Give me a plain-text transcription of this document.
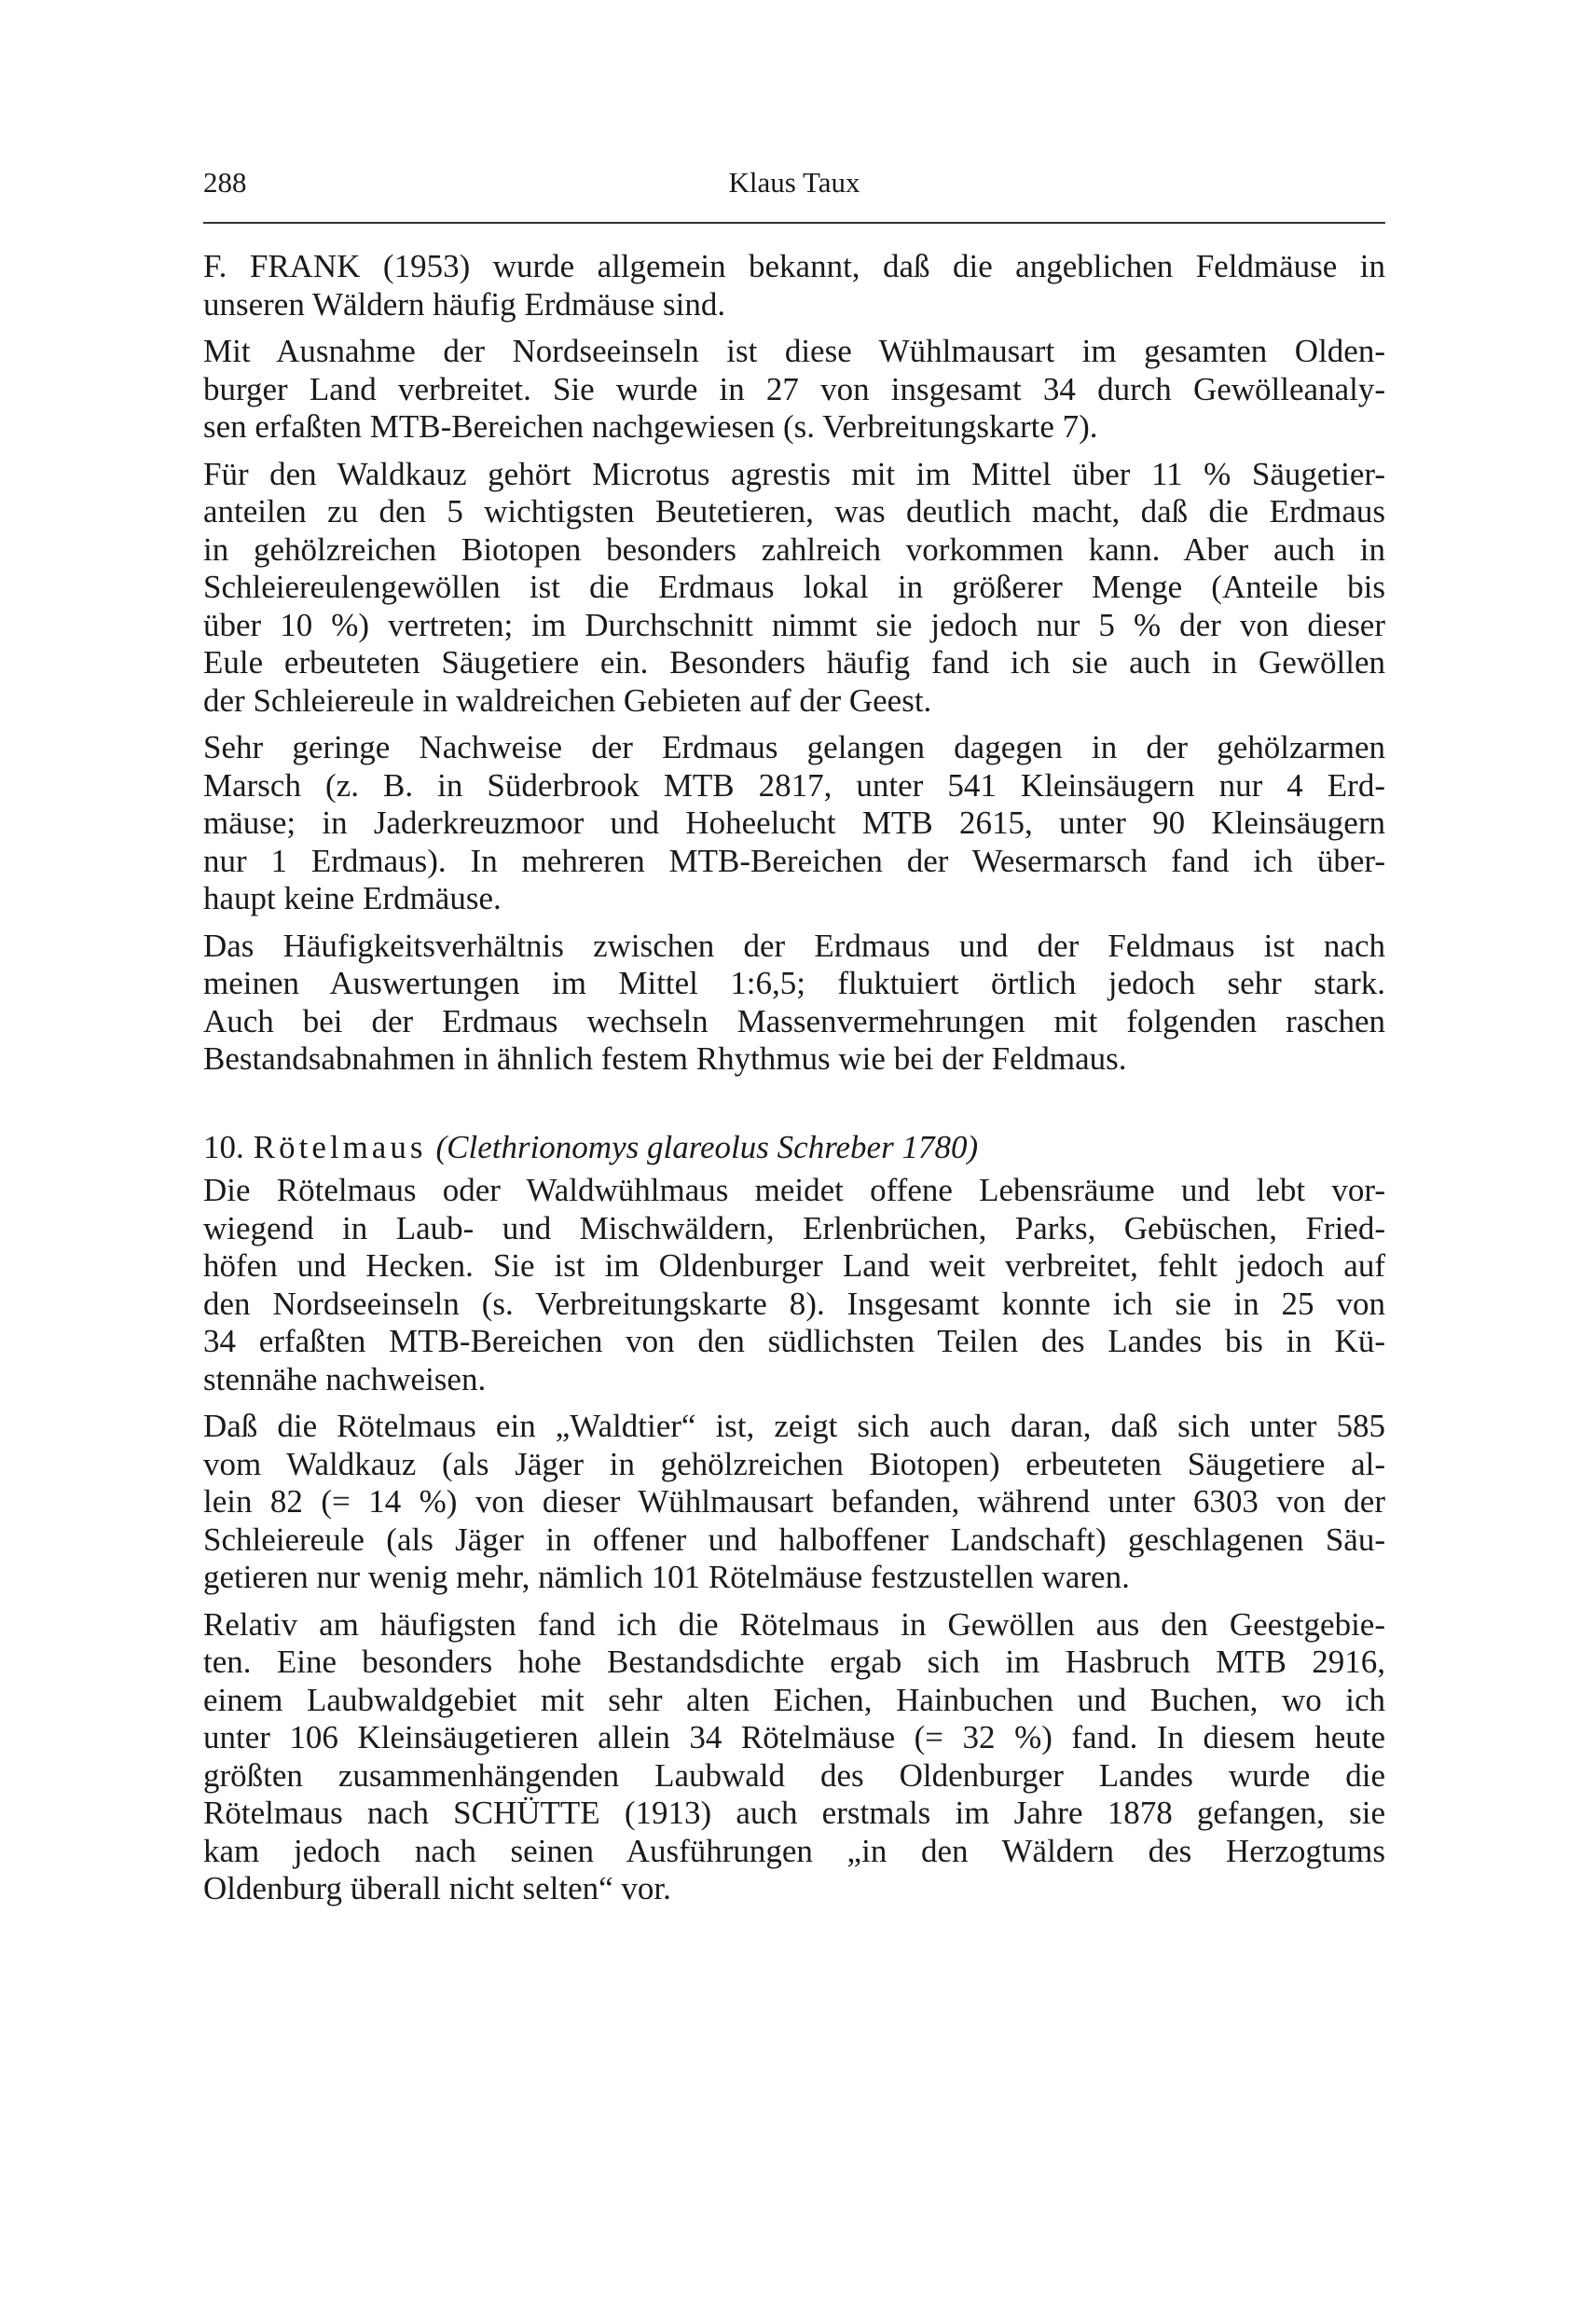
288	Klaus Taux

F. FRANK (1953) wurde allgemein bekannt, daß die angeblichen Feldmäuse in
unseren Wäldern häufig Erdmäuse sind.

Mit Ausnahme der Nordseeinseln ist diese Wühlmausart im gesamten Olden-
burger Land verbreitet. Sie wurde in 27 von insgesamt 34 durch Gewölleanaly-
sen erfaßten MTB-Bereichen nachgewiesen (s. Verbreitungskarte 7).

Für den Waldkauz gehört Microtus agrestis mit im Mittel über 11 % Säugetier-
anteilen zu den 5 wichtigsten Beutetieren, was deutlich macht, daß die Erdmaus
in gehölzreichen Biotopen besonders zahlreich vorkommen kann. Aber auch in
Schleiereulengewöllen ist die Erdmaus lokal in größerer Menge (Anteile bis
über 10 %) vertreten; im Durchschnitt nimmt sie jedoch nur 5 % der von dieser
Eule erbeuteten Säugetiere ein. Besonders häufig fand ich sie auch in Gewöllen
der Schleiereule in waldreichen Gebieten auf der Geest.

Sehr geringe Nachweise der Erdmaus gelangen dagegen in der gehölzarmen
Marsch (z. B. in Süderbrook MTB 2817, unter 541 Kleinsäugern nur 4 Erd-
mäuse; in Jaderkreuzmoor und Hoheelucht MTB 2615, unter 90 Kleinsäugern
nur 1 Erdmaus). In mehreren MTB-Bereichen der Wesermarsch fand ich über-
haupt keine Erdmäuse.

Das Häufigkeitsverhältnis zwischen der Erdmaus und der Feldmaus ist nach
meinen Auswertungen im Mittel 1:6,5; fluktuiert örtlich jedoch sehr stark.
Auch bei der Erdmaus wechseln Massenvermehrungen mit folgenden raschen
Bestandsabnahmen in ähnlich festem Rhythmus wie bei der Feldmaus.

10. Rötelmaus (Clethrionomys glareolus Schreber 1780)

Die Rötelmaus oder Waldwühlmaus meidet offene Lebensräume und lebt vor-
wiegend in Laub- und Mischwäldern, Erlenbrüchen, Parks, Gebüschen, Fried-
höfen und Hecken. Sie ist im Oldenburger Land weit verbreitet, fehlt jedoch auf
den Nordseeinseln (s. Verbreitungskarte 8). Insgesamt konnte ich sie in 25 von
34 erfaßten MTB-Bereichen von den südlichsten Teilen des Landes bis in Kü-
stennähe nachweisen.

Daß die Rötelmaus ein „Waldtier“ ist, zeigt sich auch daran, daß sich unter 585
vom Waldkauz (als Jäger in gehölzreichen Biotopen) erbeuteten Säugetiere al-
lein 82 (= 14 %) von dieser Wühlmausart befanden, während unter 6303 von der
Schleiereule (als Jäger in offener und halboffener Landschaft) geschlagenen Säu-
getieren nur wenig mehr, nämlich 101 Rötelmäuse festzustellen waren.

Relativ am häufigsten fand ich die Rötelmaus in Gewöllen aus den Geestgebie-
ten. Eine besonders hohe Bestandsdichte ergab sich im Hasbruch MTB 2916,
einem Laubwaldgebiet mit sehr alten Eichen, Hainbuchen und Buchen, wo ich
unter 106 Kleinsäugetieren allein 34 Rötelmäuse (= 32 %) fand. In diesem heute
größten zusammenhängenden Laubwald des Oldenburger Landes wurde die
Rötelmaus nach SCHÜTTE (1913) auch erstmals im Jahre 1878 gefangen, sie
kam jedoch nach seinen Ausführungen „in den Wäldern des Herzogtums
Oldenburg überall nicht selten“ vor.
